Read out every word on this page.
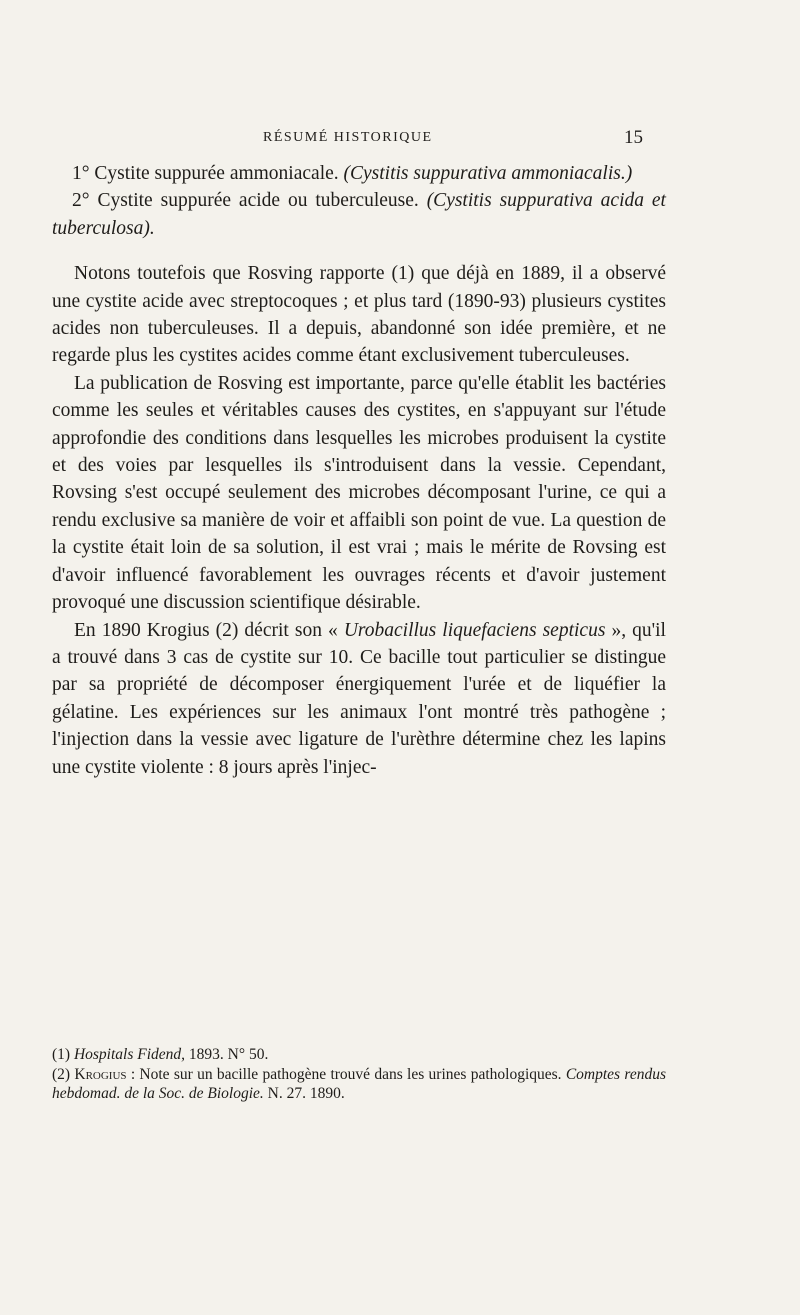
RÉSUMÉ HISTORIQUE	15

1° Cystite suppurée ammoniacale. (Cystitis suppurativa ammoniacalis.)

2° Cystite suppurée acide ou tuberculeuse. (Cystitis suppurativa acida et tuberculosa).

Notons toutefois que Rosving rapporte (1) que déjà en 1889, il a observé une cystite acide avec streptocoques ; et plus tard (1890-93) plusieurs cystites acides non tuberculeuses. Il a depuis, abandonné son idée première, et ne regarde plus les cystites acides comme étant exclusivement tuberculeuses.

La publication de Rosving est importante, parce qu'elle établit les bactéries comme les seules et véritables causes des cystites, en s'appuyant sur l'étude approfondie des conditions dans lesquelles les microbes produisent la cystite et des voies par lesquelles ils s'introduisent dans la vessie. Cependant, Rovsing s'est occupé seulement des microbes décomposant l'urine, ce qui a rendu exclusive sa manière de voir et affaibli son point de vue. La question de la cystite était loin de sa solution, il est vrai ; mais le mérite de Rovsing est d'avoir influencé favorablement les ouvrages récents et d'avoir justement provoqué une discussion scientifique désirable.

En 1890 Krogius (2) décrit son « Urobacillus liquefaciens septicus », qu'il a trouvé dans 3 cas de cystite sur 10. Ce bacille tout particulier se distingue par sa propriété de décomposer énergiquement l'urée et de liquéfier la gélatine. Les expériences sur les animaux l'ont montré très pathogène ; l'injection dans la vessie avec ligature de l'urèthre détermine chez les lapins une cystite violente : 8 jours après l'injec-

(1) Hospitals Fidend, 1893. N° 50.

(2) Krogius : Note sur un bacille pathogène trouvé dans les urines pathologiques. Comptes rendus hebdomad. de la Soc. de Biologie. N. 27. 1890.
